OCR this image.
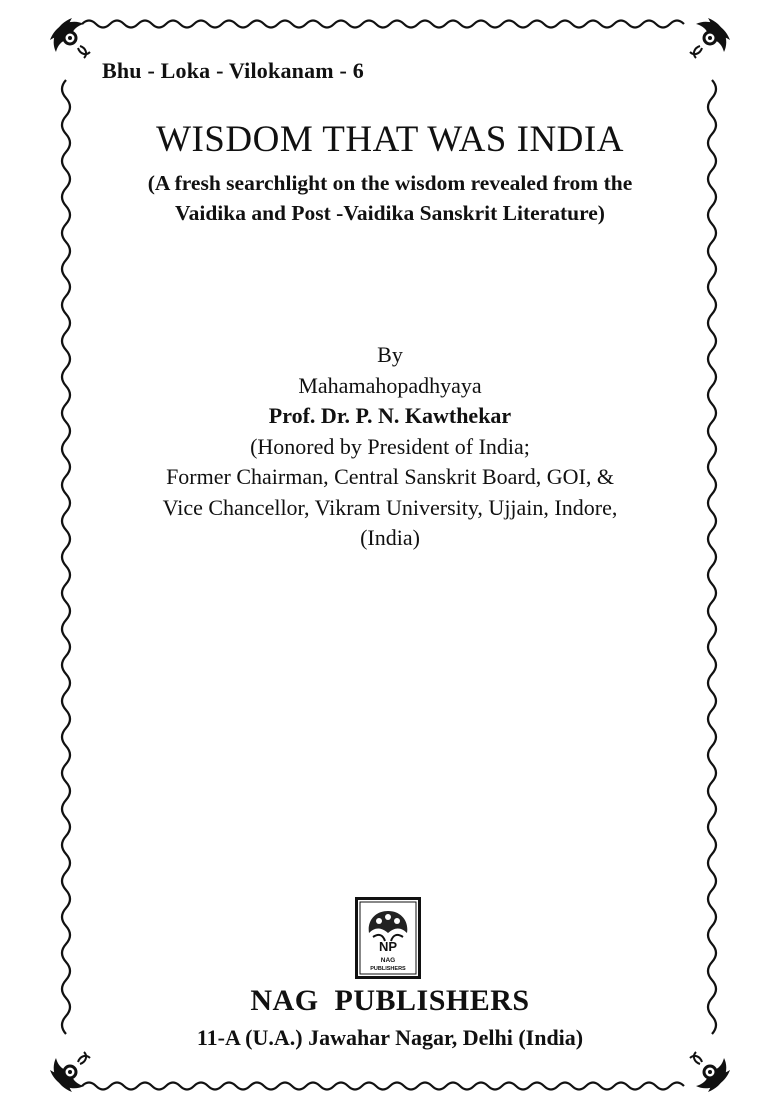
Bhu - Loka - Vilokanam - 6
WISDOM THAT WAS INDIA
(A fresh searchlight on the wisdom revealed from the
Vaidika and Post -Vaidika Sanskrit Literature)
By
Mahamahopadhyaya
Prof. Dr. P. N. Kawthekar
(Honored by President of India;
Former Chairman, Central Sanskrit Board, GOI, &
Vice Chancellor, Vikram University, Ujjain, Indore,
(India)
NP
NAG
PUBLISHERS
NAG  PUBLISHERS
11-A (U.A.) Jawahar Nagar, Delhi (India)
